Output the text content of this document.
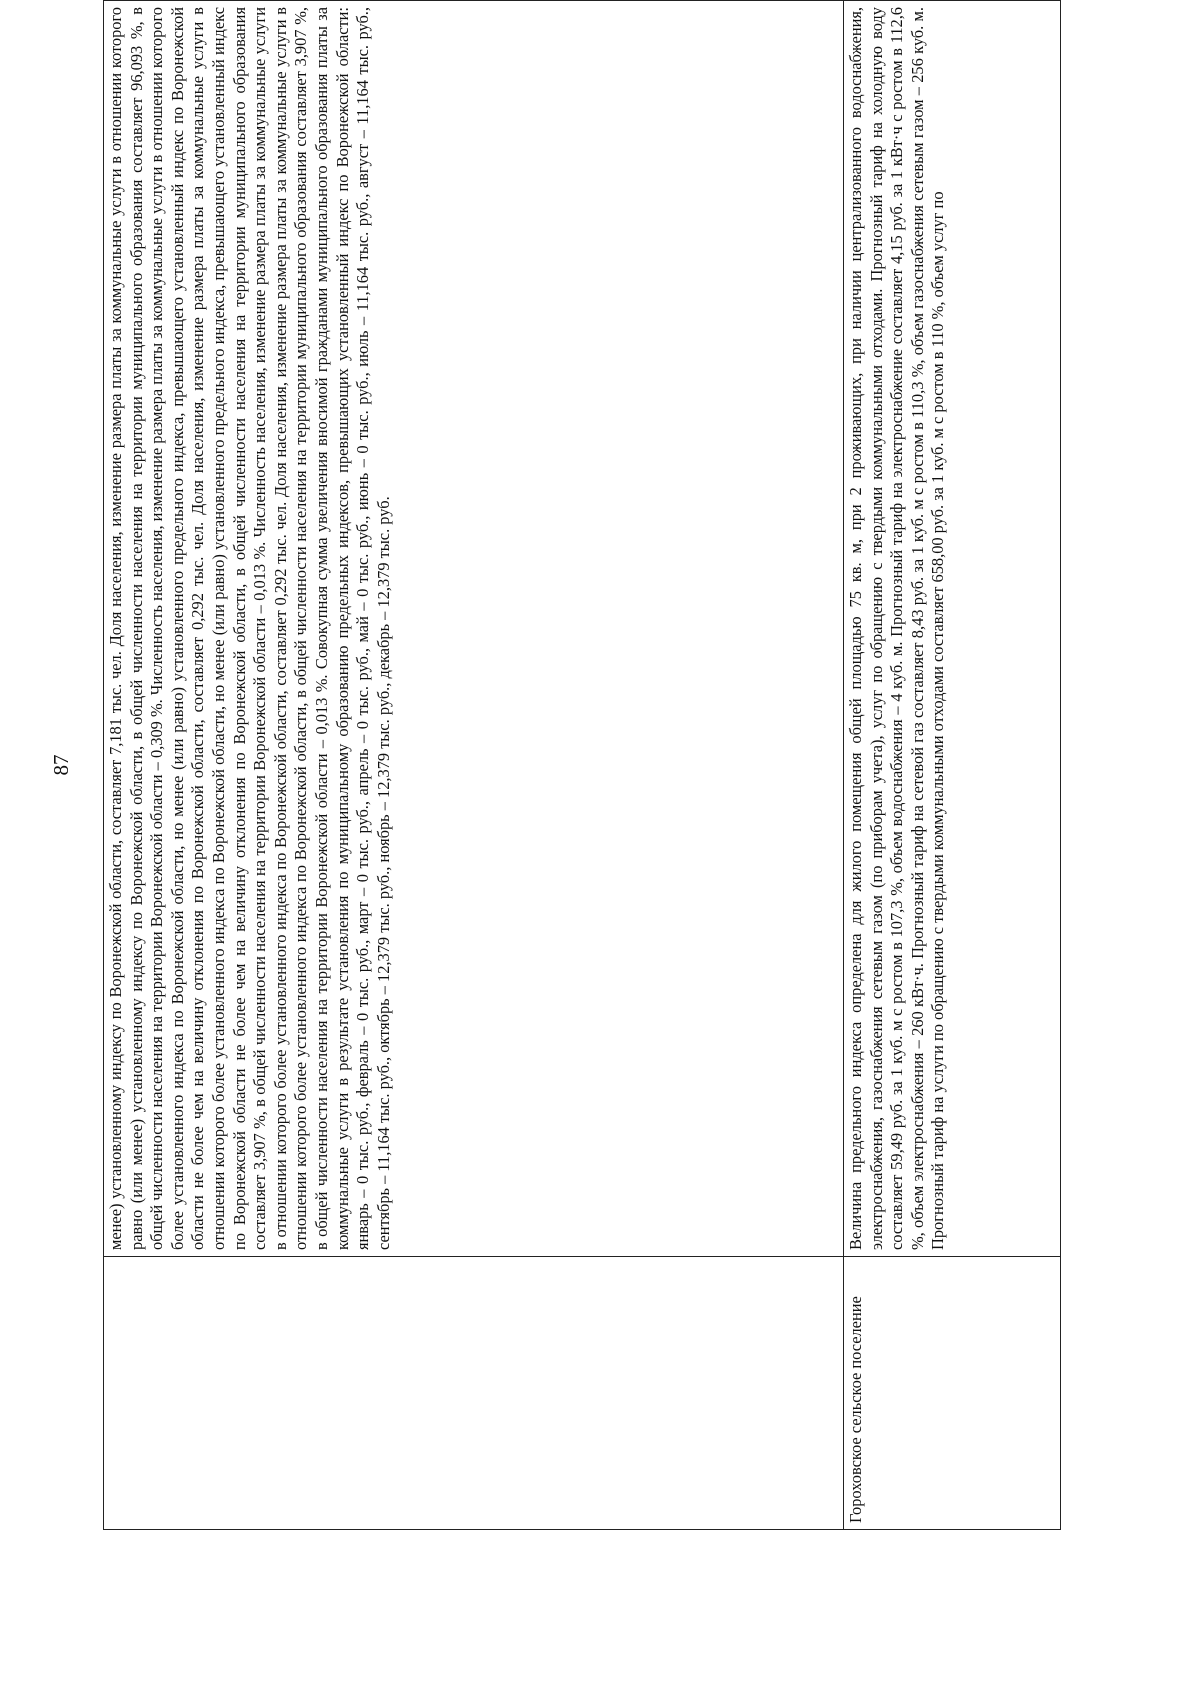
87
	менее) установленному индексу по Воронежской области, составляет 7,181 тыс. чел. Доля населения, изменение размера платы за коммунальные услуги в отношении которого равно (или менее) установленному индексу по Воронежской области, в общей численности населения на территории муниципального образования составляет 96,093 %, в общей численности населения на территории Воронежской области – 0,309 %. Численность населения, изменение размера платы за коммунальные услуги в отношении которого более установленного индекса по Воронежской области, но менее (или равно) установленного предельного индекса, превышающего установленный индекс по Воронежской области не более чем на величину отклонения по Воронежской области, составляет 0,292 тыс. чел. Доля населения, изменение размера платы за коммунальные услуги в отношении которого более установленного индекса по Воронежской области, но менее (или равно) установленного предельного индекса, превышающего установленный индекс по Воронежской области не более чем на величину отклонения по Воронежской области, в общей численности населения на территории муниципального образования составляет 3,907 %, в общей численности населения на территории Воронежской области – 0,013 %. Численность населения, изменение размера платы за коммунальные услуги в отношении которого более установленного индекса по Воронежской области, составляет 0,292 тыс. чел. Доля населения, изменение размера платы за коммунальные услуги в отношении которого более установленного индекса по Воронежской области, в общей численности населения на территории муниципального образования составляет 3,907 %, в общей численности населения на территории Воронежской области – 0,013 %. Совокупная сумма увеличения вносимой гражданами муниципального образования платы за коммунальные услуги в результате установления по муниципальному образованию предельных индексов, превышающих установленный индекс по Воронежской области: январь – 0 тыс. руб., февраль – 0 тыс. руб., март – 0 тыс. руб., апрель – 0 тыс. руб., май – 0 тыс. руб., июнь – 0 тыс. руб., июль – 11,164 тыс. руб., август – 11,164 тыс. руб., сентябрь – 11,164 тыс. руб., октябрь – 12,379 тыс. руб., ноябрь – 12,379 тыс. руб., декабрь – 12,379 тыс. руб.
Гороховское сельское поселение	Величина предельного индекса определена для жилого помещения общей площадью 75 кв. м, при 2 проживающих, при наличии централизованного водоснабжения, электроснабжения, газоснабжения сетевым газом (по приборам учета), услуг по обращению с твердыми коммунальными отходами. Прогнозный тариф на холодную воду составляет 59,49 руб. за 1 куб. м с ростом в 107,3 %, объем водоснабжения – 4 куб. м. Прогнозный тариф на электроснабжение составляет 4,15 руб. за 1 кВт·ч с ростом в 112,6 %, объем электроснабжения – 260 кВт·ч. Прогнозный тариф на сетевой газ составляет 8,43 руб. за 1 куб. м с ростом в 110,3 %, объем газоснабжения сетевым газом – 256 куб. м. Прогнозный тариф на услуги по обращению с твердыми коммунальными отходами составляет 658,00 руб. за 1 куб. м с ростом в 110 %, объем услуг по
